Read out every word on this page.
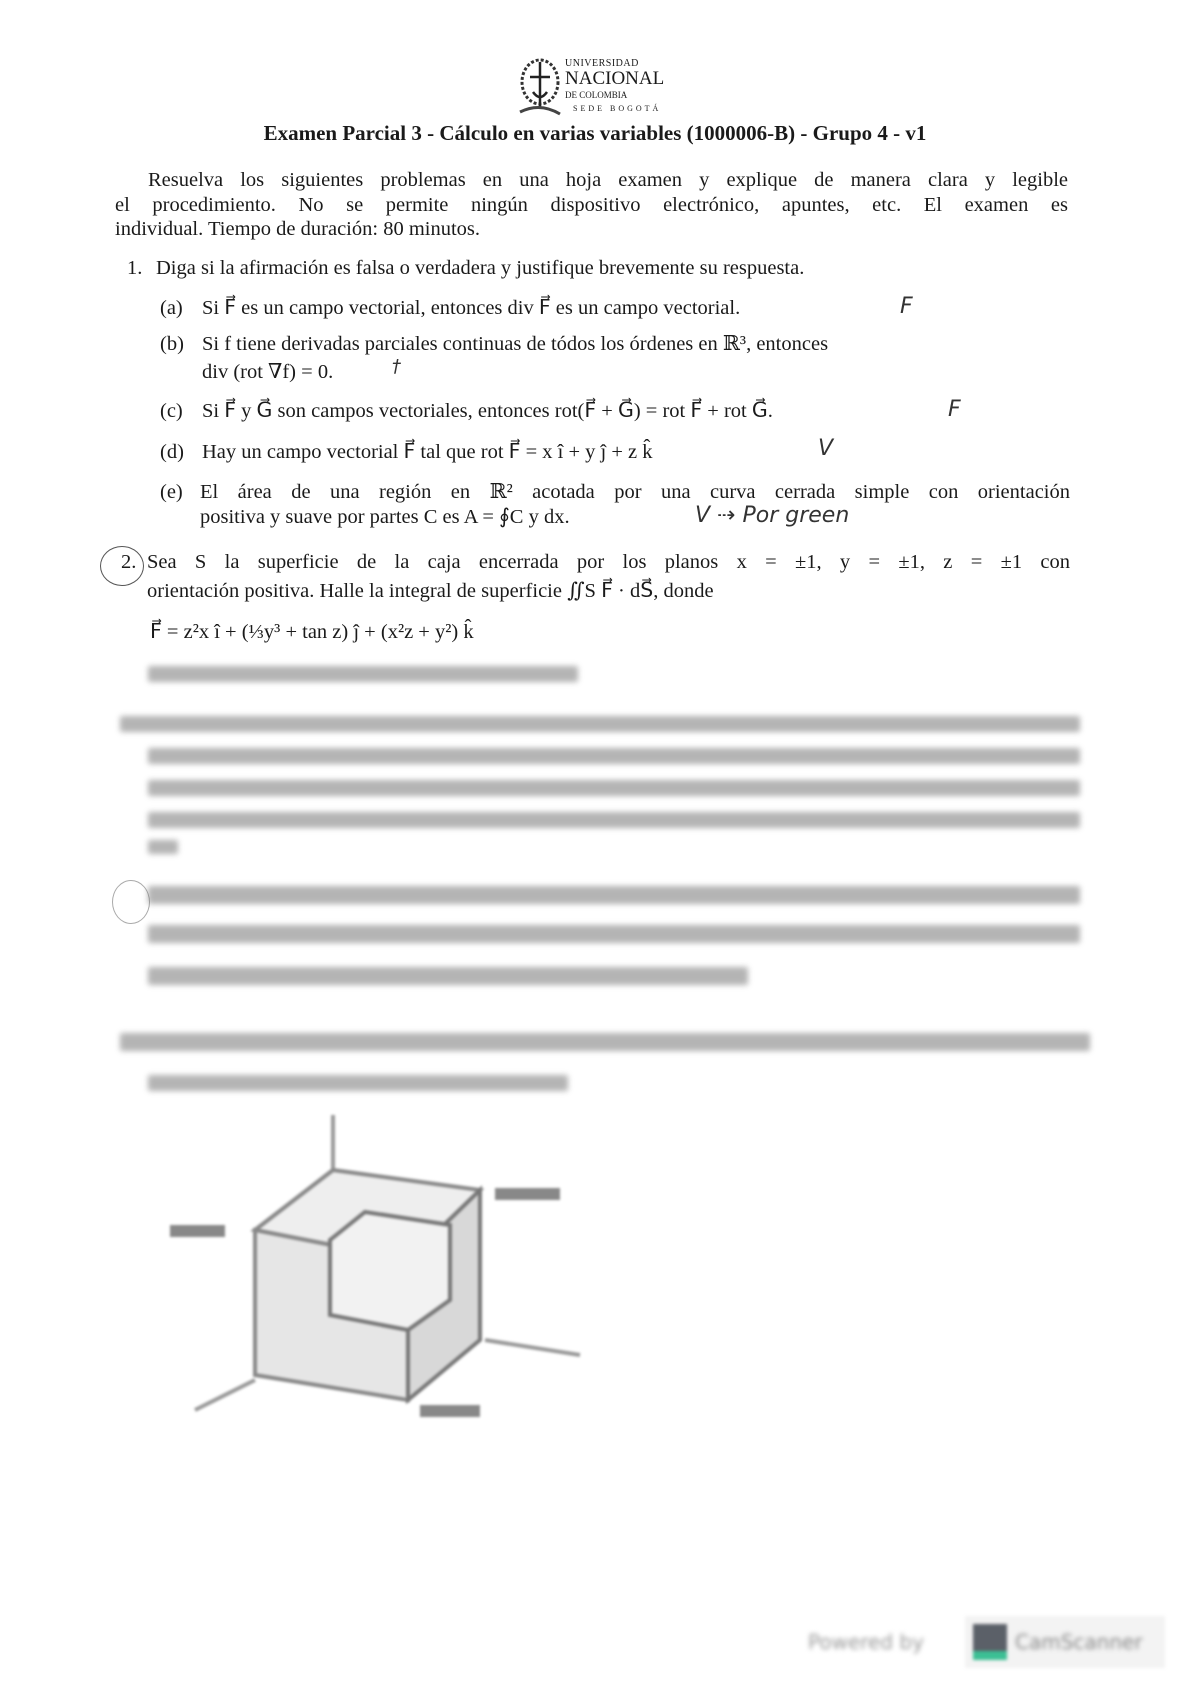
UNIVERSIDAD
NACIONAL
DE COLOMBIA
SEDE BOGOTÁ
Examen Parcial 3 - Cálculo en varias variables (1000006-B) - Grupo 4 - v1
Resuelva los siguientes problemas en una hoja examen y explique de manera clara y legible
el procedimiento. No se permite ningún dispositivo electrónico, apuntes, etc. El examen es
individual. Tiempo de duración: 80 minutos.
1. Diga si la afirmación es falsa o verdadera y justifique brevemente su respuesta.
(a) Si F⃗ es un campo vectorial, entonces div F⃗ es un campo vectorial.	F
(b) Si f tiene derivadas parciales continuas de tódos los órdenes en ℝ³, entonces
div (rot ∇f) = 0.	†
(c) Si F⃗ y G⃗ son campos vectoriales, entonces rot(F⃗ + G⃗) = rot F⃗ + rot G⃗.	F
(d) Hay un campo vectorial F⃗ tal que rot F⃗ = x î + y ĵ + z k̂	V
(e) El área de una región en ℝ² acotada por una curva cerrada simple con orientación
positiva y suave por partes C es A = ∮C y dx.	V ⇢ Por green
2. Sea S la superficie de la caja encerrada por los planos x = ±1, y = ±1, z = ±1 con
orientación positiva. Halle la integral de superficie ∬S F⃗ · dS⃗, donde
F⃗ = z²x î + (⅓y³ + tan z) ĵ + (x²z + y²) k̂
Powered by	CamScanner
